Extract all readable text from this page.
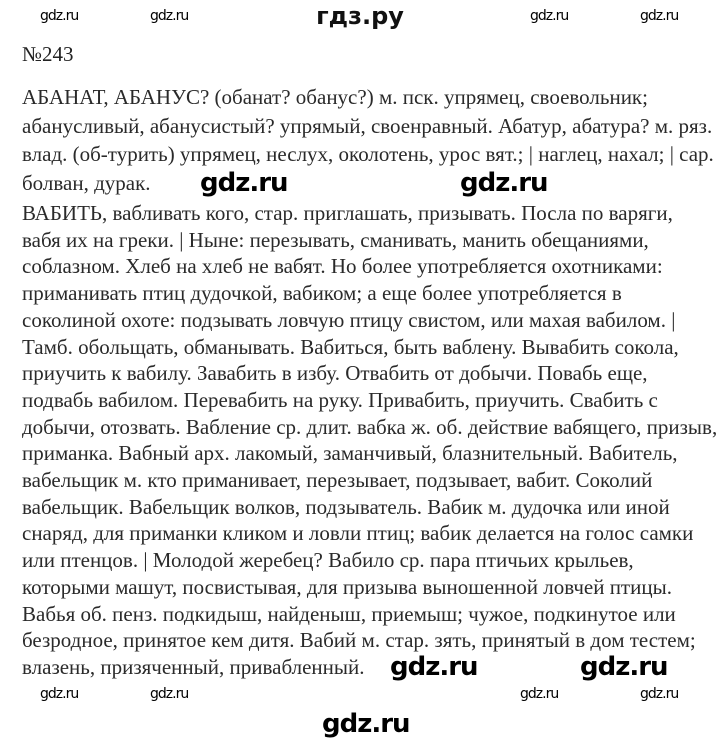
гдз.ру
№243
АБАНАТ, АБАНУС? (обанат? обанус?) м. пск. упрямец, своевольник;
абанусливый, абанусистый? упрямый, своенравный. Абатур, абатура? м. ряз.
влад. (об-турить) упрямец, неслух, околотень, урос вят.; | наглец, нахал; | сар.
болван, дурак.
ВАБИТЬ, вабливать кого, стар. приглашать, призывать. Посла по варяги,
вабя их на греки. | Ныне: перезывать, сманивать, манить обещаниями,
соблазном. Хлеб на хлеб не вабят. Но более употребляется охотниками:
приманивать птиц дудочкой, вабиком; а еще более употребляется в
соколиной охоте: подзывать ловчую птицу свистом, или махая вабилом. |
Тамб. обольщать, обманывать. Вабиться, быть ваблену. Вывабить сокола,
приучить к вабилу. Завабить в избу. Отвабить от добычи. Повабь еще,
подвабь вабилом. Перевабить на руку. Привабить, приучить. Свабить с
добычи, отозвать. Вабление ср. длит. вабка ж. об. действие вабящего, призыв,
приманка. Вабный арх. лакомый, заманчивый, блазнительный. Вабитель,
вабельщик м. кто приманивает, перезывает, подзывает, вабит. Соколий
вабельщик. Вабельщик волков, подзыватель. Вабик м. дудочка или иной
снаряд, для приманки кликом и ловли птиц; вабик делается на голос самки
или птенцов. | Молодой жеребец? Вабило ср. пара птичьих крыльев,
которыми машут, посвистывая, для призыва выношенной ловчей птицы.
Вабья об. пенз. подкидыш, найденыш, приемыш; чужое, подкинутое или
безродное, принятое кем дитя. Вабий м. стар. зять, принятый в дом тестем;
влазень, призяченный, привабленный.
gdz.ru	gdz.ru
gdz.ru	gdz.ru	gdz.ru	gdz.ru
gdz.ru	gdz.ru	gdz.ru	gdz.ru
gdz.ru	gdz.ru
gdz.ru
